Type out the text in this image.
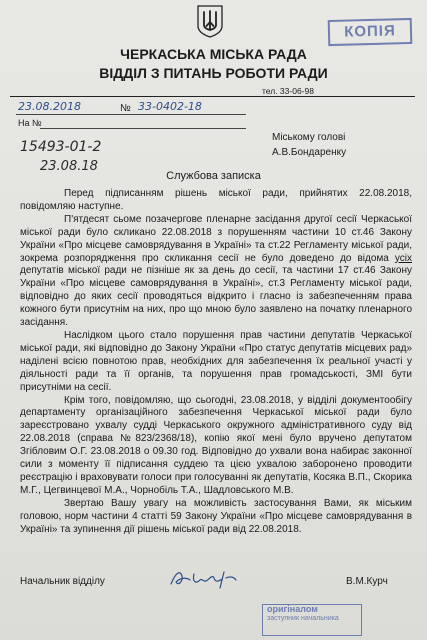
КОПІЯ
ЧЕРКАСЬКА МІСЬКА РАДА
ВІДДІЛ З ПИТАНЬ РОБОТИ РАДИ
тел. 33-06-98
23.08.2018	№ 33-0402-18
На №
15493-01-2
23.08.18
Міському голові
А.В.Бондаренку
Службова записка

Перед підписанням рішень міської ради, прийнятих 22.08.2018, повідомляю наступне.

П'ятдесят сьоме позачергове пленарне засідання другої сесії Черкаської міської ради було скликано 22.08.2018 з порушенням частини 10 ст.46 Закону України «Про місцеве самоврядування в Україні» та ст.22 Регламенту міської ради, зокрема розпорядження про скликання сесії не було доведено до відома усіх депутатів міської ради не пізніше як за день до сесії, та частини 17 ст.46 Закону України «Про місцеве самоврядування в Україні», ст.3 Регламенту міської ради, відповідно до яких сесії проводяться відкрито і гласно із забезпеченням права кожного бути присутнім на них, про що мною було заявлено на початку пленарного засідання.

Наслідком цього стало порушення прав частини депутатів Черкаської міської ради, які відповідно до Закону України «Про статус депутатів місцевих рад» наділені всією повнотою прав, необхідних для забезпечення їх реальної участі у діяльності ради та її органів, та порушення прав громадськості, ЗМІ бути присутніми на сесії.

Крім того, повідомляю, що сьогодні, 23.08.2018, у відділі документообігу департаменту організаційного забезпечення Черкаської міської ради було зареєстровано ухвалу судді Черкаського окружного адміністративного суду від 22.08.2018 (справа №823/2368/18), копію якої мені було вручено депутатом Згібловим О.Г. 23.08.2018 о 09.30 год. Відповідно до ухвали вона набирає законної сили з моменту її підписання суддею та цією ухвалою заборонено проводити реєстрацію і враховувати голоси при голосуванні як депутатів, Косяка В.П., Скорика М.Г., Цегвинцевої М.А., Чорнобіль Т.А., Шадловського М.В.

Звертаю Вашу увагу на можливість застосування Вами, як міським головою, норм частини 4 статті 59 Закону України «Про місцеве самоврядування в Україні» та зупинення дії рішень міської ради від 22.08.2018.

Начальник відділу	В.М.Курч
оригіналом
заступник начальника
